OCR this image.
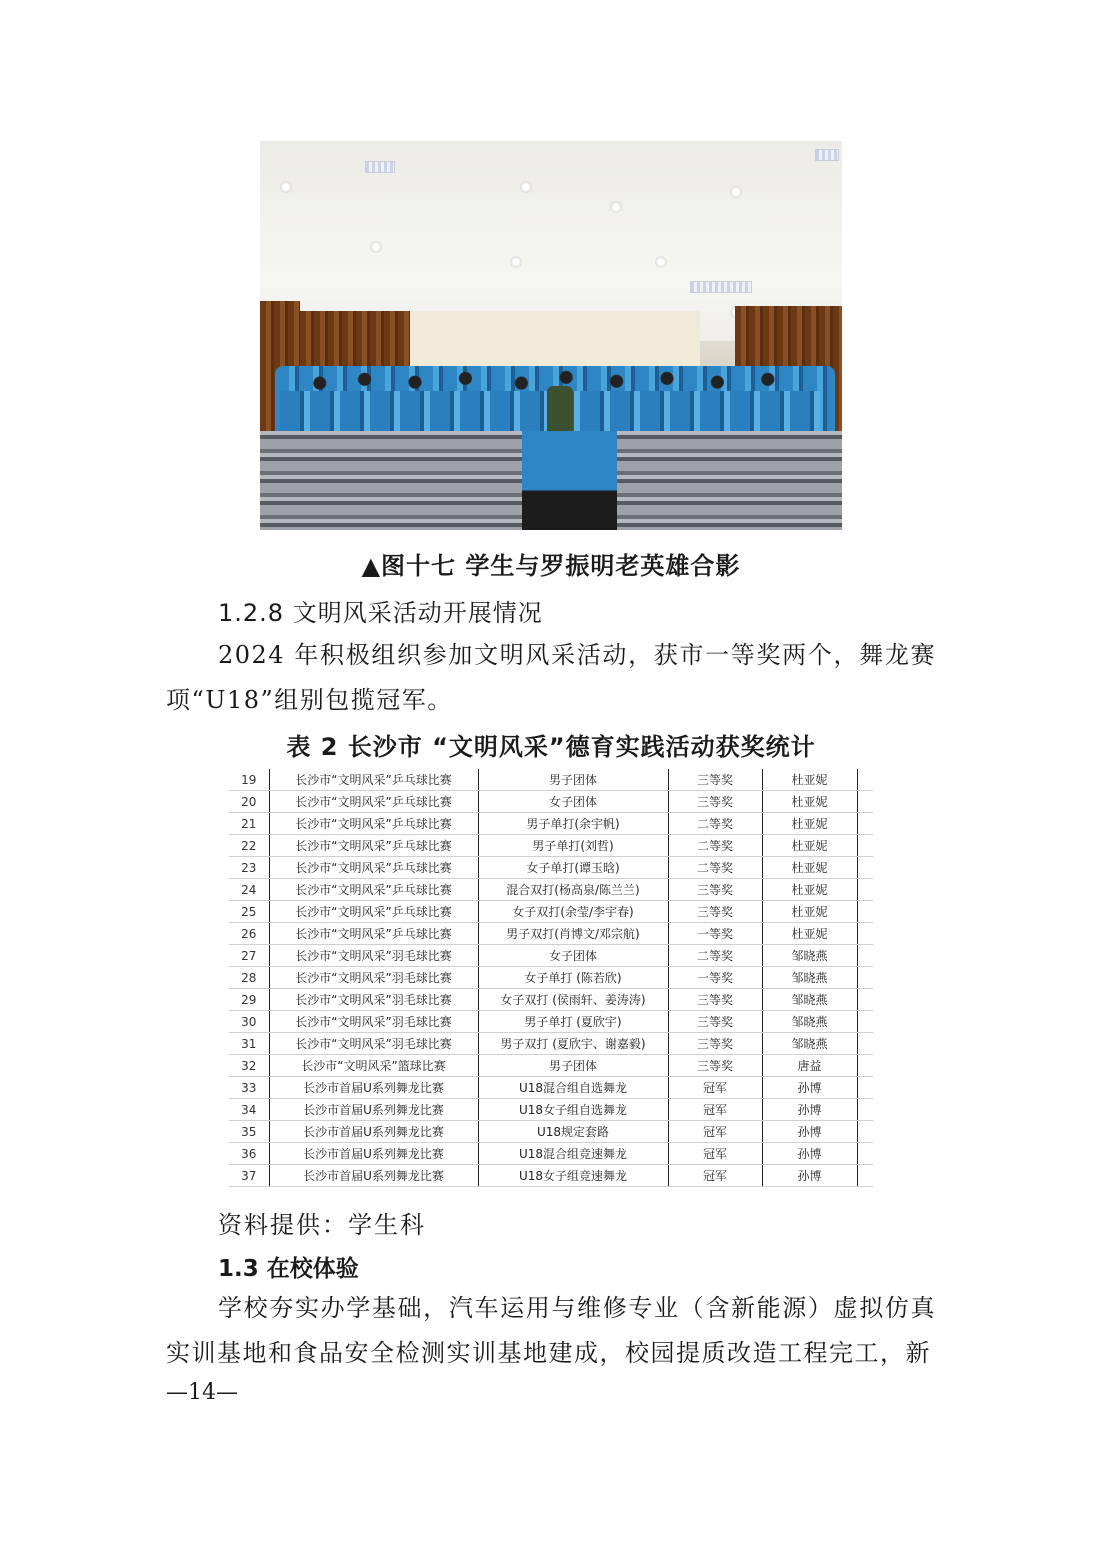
▲图十七 学生与罗振明老英雄合影
1.2.8 文明风采活动开展情况
2024 年积极组织参加文明风采活动，获市一等奖两个，舞龙赛项“U18”组别包揽冠军。
表 2 长沙市 “文明风采”德育实践活动获奖统计
19	长沙市“文明风采”乒乓球比赛	男子团体	三等奖	杜亚妮	
20	长沙市“文明风采”乒乓球比赛	女子团体	三等奖	杜亚妮	
21	长沙市“文明风采”乒乓球比赛	男子单打(余宇帆)	二等奖	杜亚妮	
22	长沙市“文明风采”乒乓球比赛	男子单打(刘哲)	二等奖	杜亚妮	
23	长沙市“文明风采”乒乓球比赛	女子单打(谭玉晗)	二等奖	杜亚妮	
24	长沙市“文明风采”乒乓球比赛	混合双打(杨高泉/陈兰兰)	三等奖	杜亚妮	
25	长沙市“文明风采”乒乓球比赛	女子双打(余莹/李宇春)	三等奖	杜亚妮	
26	长沙市“文明风采”乒乓球比赛	男子双打(肖博文/邓宗航)	一等奖	杜亚妮	
27	长沙市“文明风采”羽毛球比赛	女子团体	二等奖	邹晓燕	
28	长沙市“文明风采”羽毛球比赛	女子单打 (陈若欣)	一等奖	邹晓燕	
29	长沙市“文明风采”羽毛球比赛	女子双打 (侯雨轩、姜涛涛)	三等奖	邹晓燕	
30	长沙市“文明风采”羽毛球比赛	男子单打 (夏欣宇)	三等奖	邹晓燕	
31	长沙市“文明风采”羽毛球比赛	男子双打 (夏欣宇、谢嘉毅)	三等奖	邹晓燕	
32	长沙市“文明风采”篮球比赛	男子团体	三等奖	唐益	
33	长沙市首届U系列舞龙比赛	U18混合组自选舞龙	冠军	孙博	
34	长沙市首届U系列舞龙比赛	U18女子组自选舞龙	冠军	孙博	
35	长沙市首届U系列舞龙比赛	U18规定套路	冠军	孙博	
36	长沙市首届U系列舞龙比赛	U18混合组竞速舞龙	冠军	孙博	
37	长沙市首届U系列舞龙比赛	U18女子组竞速舞龙	冠军	孙博	
资料提供：学生科
1.3 在校体验
学校夯实办学基础，汽车运用与维修专业（含新能源）虚拟仿真实训基地和食品安全检测实训基地建成，校园提质改造工程完工，新
—14—
